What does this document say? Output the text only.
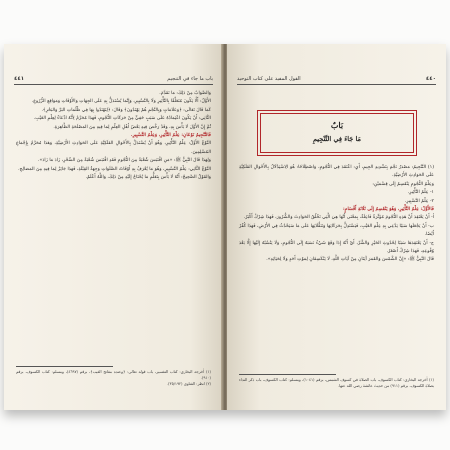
باب ما جاء في التنجيم
٤٤١

وَالصَّوَابُ مِنْ ذَلِكَ: مَا تَقَدَّمَ.

الأَوَّلُ: أَلَّا يَكُونَ مُتَعَلِّقًا بِالتَّأْثِيرِ وَلَا بِالتَّسْيِيرِ، وَإِنَّمَا يُسْتَدَلُّ بِهِ عَلَى الجِهَاتِ وَالأَوْقَاتِ وَمَوَاقِعِ الزُّرُوعِ.

كَمَا قَالَ تَعَالَى: ﴿وَعَلَامَاتٍ وَبِالنَّجْمِ هُمْ يَهْتَدُونَ﴾ وَقَالَ: ﴿لِتَهْتَدُوا بِهَا فِي ظُلُمَاتِ البَرِّ وَالبَحْرِ﴾.

الثَّانِي: أَنْ يَكُونَ اعْتِمَادُهُ عَلَى سَبَبٍ خَفِيٍّ مِنْ حَرَكَاتِ النُّجُومِ، فَهَذَا مُحَرَّمٌ لِأَنَّهُ ادِّعَاءٌ لِعِلْمِ الغَيْبِ.

ثُمَّ إِنَّ الأَوَّلَ لَا بَأْسَ بِهِ، وَقَدْ رَخَّصَ فِيهِ بَعْضُ أَهْلِ العِلْمِ لِمَا فِيهِ مِنَ المَصْلَحَةِ الظَّاهِرَةِ.

فَالتَّنْجِيمُ نَوْعَانِ: عِلْمُ التَّأْثِيرِ، وَعِلْمُ التَّسْيِيرِ.

النَّوْعُ الأَوَّلُ: عِلْمُ التَّأْثِيرِ، وَهُوَ أَنْ يُسْتَدَلَّ بِالأَحْوَالِ الفَلَكِيَّةِ عَلَى الحَوَادِثِ الأَرْضِيَّةِ، وَهَذَا مُحَرَّمٌ بِإِجْمَاعِ المُسْلِمِينَ.

وَلِهَذَا قَالَ النَّبِيُّ ﷺ: «مَنِ اقْتَبَسَ شُعْبَةً مِنَ النُّجُومِ فَقَدِ اقْتَبَسَ شُعْبَةً مِنَ السِّحْرِ، زَادَ مَا زَادَ».

النَّوْعُ الثَّانِي: عِلْمُ التَّسْيِيرِ، وَهُوَ مَا يُعْرَفُ بِهِ أَوْقَاتُ الصَّلَوَاتِ وَجِهَةُ القِبْلَةِ، فَهَذَا جَائِزٌ لِمَا فِيهِ مِنَ المَصَالِحِ.

وَالقَوْلُ الصَّحِيحُ: أَنَّهُ لَا بَأْسَ بِتَعَلُّمِ مَا يُحْتَاجُ إِلَيْهِ مِنْ ذَلِكَ، وَاللَّهُ أَعْلَمُ.

(١) أخرجه البخاري: كتاب التفسير، باب قوله تعالى: ﴿وعنده مفاتح الغيب﴾، برقم (٤٦٩٧)، ومسلم: كتاب الكسوف، برقم (٩١٠).

(٢) انظر: الفتاوى (٣٥/١٩٢).

٤٤٠
القول المفيد على كتاب التوحيد
بَابٌ
مَا جَاءَ فِي التَّنْجِيمِ

(١) التَّنْجِيمُ: مَصْدَرُ نَجَّمَ بِتَشْدِيدِ الجِيمِ، أَيِ: اعْتَقَدَ فِي النُّجُومِ، وَاصْطِلَاحًا: هُوَ الِاسْتِدْلَالُ بِالأَحْوَالِ الفَلَكِيَّةِ عَلَى الحَوَادِثِ الأَرْضِيَّةِ.

وَعِلْمُ النُّجُومِ يَنْقَسِمُ إِلَى قِسْمَيْنِ:

١- عِلْمُ التَّأْثِيرِ.

٢- عِلْمُ التَّسْيِيرِ.

فَالأَوَّلُ: عِلْمُ التَّأْثِيرِ، وَهُوَ يَنْقَسِمُ إِلَى ثَلَاثَةِ أَقْسَامٍ:

أ- أَنْ يَعْتَقِدَ أَنَّ هَذِهِ النُّجُومَ مُؤَثِّرَةٌ فَاعِلَةٌ، بِمَعْنَى أَنَّهَا هِيَ الَّتِي تَخْلُقُ الحَوَادِثَ وَالشُّرُورَ، فَهَذَا شِرْكٌ أَكْبَرُ.

ب- أَنْ يَجْعَلَهَا سَبَبًا يَدَّعِي بِهِ عِلْمَ الغَيْبِ، فَيَسْتَدِلُّ بِحَرَكَاتِهَا وَتَنَقُّلَاتِهَا عَلَى مَا سَيَحْدُثُ فِي الأَرْضِ، فَهَذَا كُفْرٌ أَيْضًا.

ج- أَنْ يَعْتَقِدَهَا سَبَبًا لِحُدُوثِ الخَيْرِ وَالشَّرِّ، أَيْ أَنَّهُ إِذَا وَقَعَ شَيْءٌ نَسَبَهُ إِلَى النُّجُومِ، وَلَا يَنْسُبُهُ إِلَيْهَا إِلَّا بَعْدَ وُقُوعِهِ، فَهَذَا شِرْكٌ أَصْغَرُ.

قَالَ النَّبِيُّ ﷺ: «إِنَّ الشَّمْسَ وَالقَمَرَ آيَتَانِ مِنْ آيَاتِ اللَّهِ، لَا يَنْكَسِفَانِ لِمَوْتِ أَحَدٍ وَلَا لِحَيَاتِهِ».

(١) أخرجه البخاري: كتاب الكسوف، باب الصلاة في كسوف الشمس، برقم (١٠٤١)، ومسلم: كتاب الكسوف، باب ذكر النداء بصلاة الكسوف، برقم (٩١١) من حديث عائشة رضي الله عنها.
